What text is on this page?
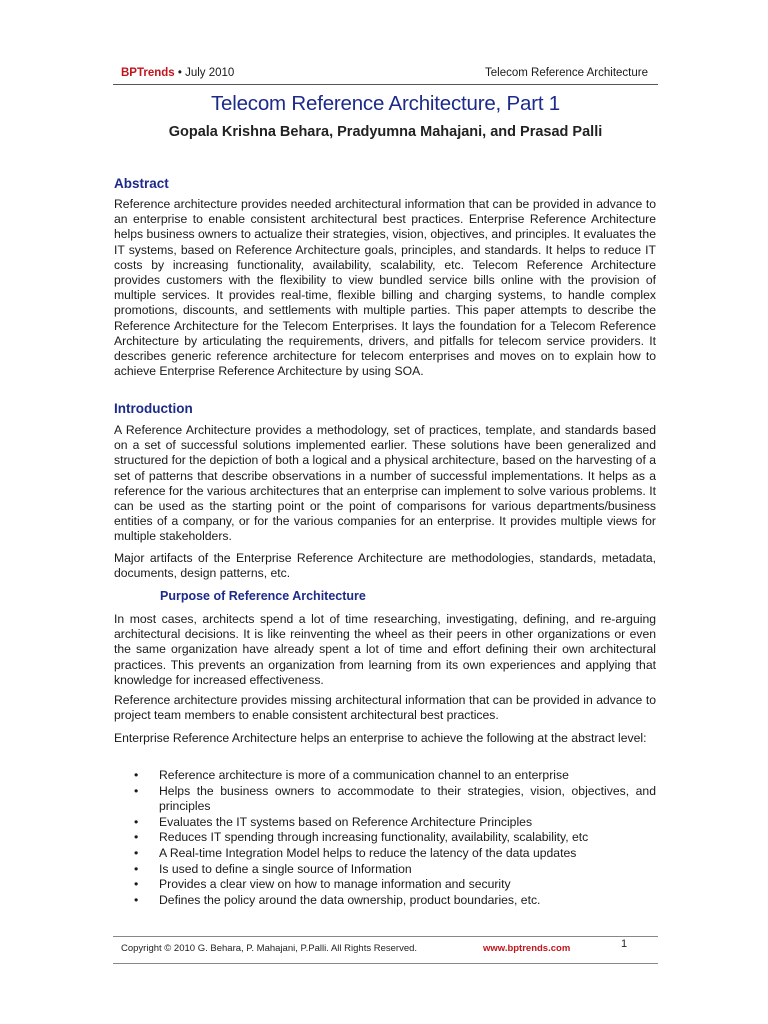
BPTrends • July 2010	Telecom Reference Architecture
Telecom Reference Architecture, Part 1

Gopala Krishna Behara, Pradyumna Mahajani, and Prasad Palli

Abstract

Reference architecture provides needed architectural information that can be provided in advance to an enterprise to enable consistent architectural best practices. Enterprise Reference Architecture helps business owners to actualize their strategies, vision, objectives, and principles. It evaluates the IT systems, based on Reference Architecture goals, principles, and standards. It helps to reduce IT costs by increasing functionality, availability, scalability, etc. Telecom Reference Architecture provides customers with the flexibility to view bundled service bills online with the provision of multiple services. It provides real-time, flexible billing and charging systems, to handle complex promotions, discounts, and settlements with multiple parties. This paper attempts to describe the Reference Architecture for the Telecom Enterprises. It lays the foundation for a Telecom Reference Architecture by articulating the requirements, drivers, and pitfalls for telecom service providers. It describes generic reference architecture for telecom enterprises and moves on to explain how to achieve Enterprise Reference Architecture by using SOA.

Introduction

A Reference Architecture provides a methodology, set of practices, template, and standards based on a set of successful solutions implemented earlier. These solutions have been generalized and structured for the depiction of both a logical and a physical architecture, based on the harvesting of a set of patterns that describe observations in a number of successful implementations. It helps as a reference for the various architectures that an enterprise can implement to solve various problems. It can be used as the starting point or the point of comparisons for various departments/business entities of a company, or for the various companies for an enterprise. It provides multiple views for multiple stakeholders.

Major artifacts of the Enterprise Reference Architecture are methodologies, standards, metadata, documents, design patterns, etc.

Purpose of Reference Architecture

In most cases, architects spend a lot of time researching, investigating, defining, and re-arguing architectural decisions. It is like reinventing the wheel as their peers in other organizations or even the same organization have already spent a lot of time and effort defining their own architectural practices. This prevents an organization from learning from its own experiences and applying that knowledge for increased effectiveness.

Reference architecture provides missing architectural information that can be provided in advance to project team members to enable consistent architectural best practices.

Enterprise Reference Architecture helps an enterprise to achieve the following at the abstract level:

• Reference architecture is more of a communication channel to an enterprise
• Helps the business owners to accommodate to their strategies, vision, objectives, and principles
• Evaluates the IT systems based on Reference Architecture Principles
• Reduces IT spending through increasing functionality, availability, scalability, etc
• A Real-time Integration Model helps to reduce the latency of the data updates
• Is used to define a single source of Information
• Provides a clear view on how to manage information and security
• Defines the policy around the data ownership, product boundaries, etc.
Copyright © 2010 G. Behara, P. Mahajani, P.Palli. All Rights Reserved.	www.bptrends.com	1
